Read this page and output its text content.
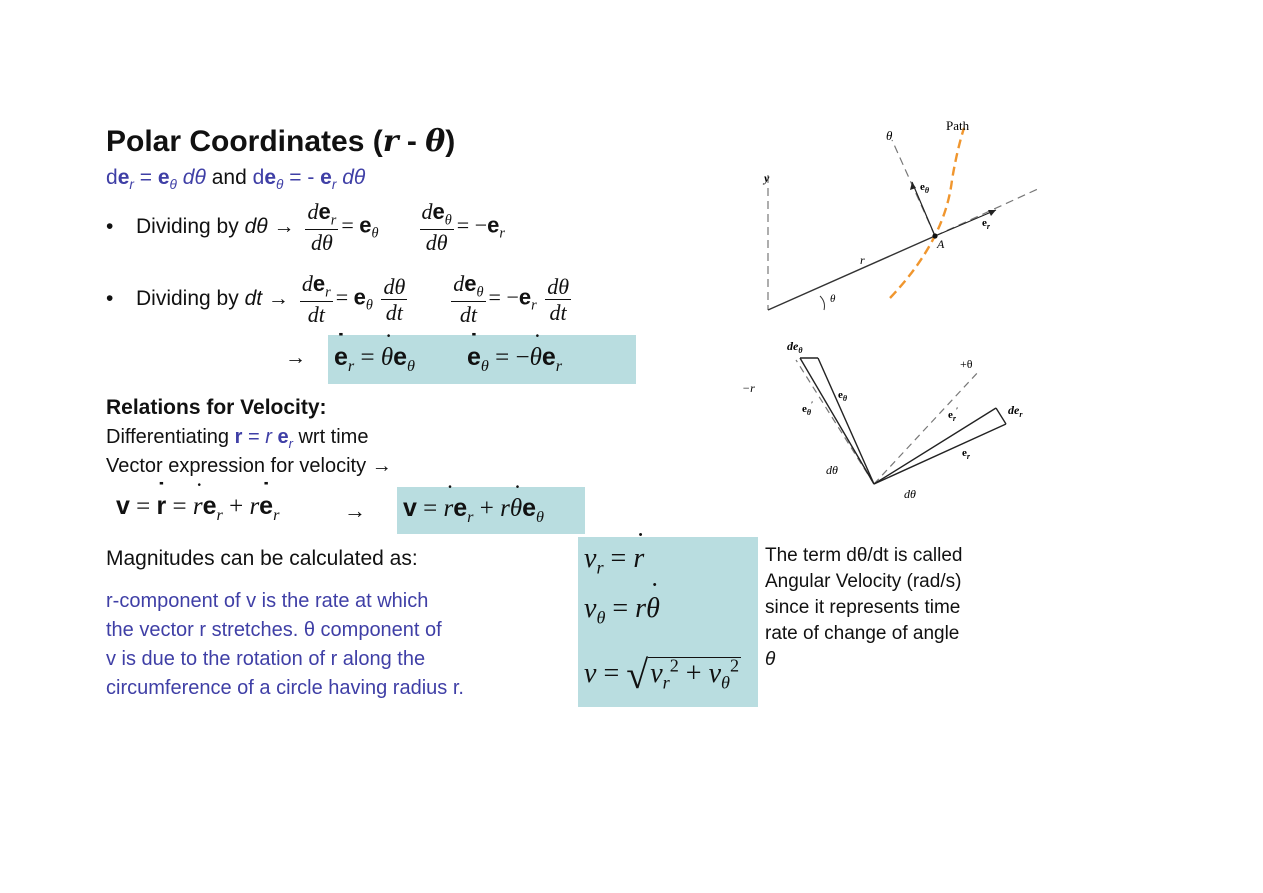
Polar Coordinates (r - θ)
$de_r = e_\theta$ dθ and $de_\theta$ = - $e_r$ dθ
•	Dividing by
dθ
→ $\frac{de_r}{d\theta} = e_\theta \frac{de_\theta}{d\theta} = -e_r$
•	Dividing by
dt
→ $\frac{de_r}{dt} = e_\theta \frac{d\theta}{dt} \frac{de_\theta}{dt} = -e_r \frac{d\theta}{dt}$
→ e $˙_r = \theta$ $˙e_\theta$ e $˙_\theta = -\theta$ $˙e_r$
Relations for Velocity:
Differentiating r = r $e_r$ wrt time
Vector expression for velocity →
v = r ˙ = r $˙e_r$ + re $˙_r$	→ v = r $˙e_r + r\theta$ $˙e_\theta$
Magnitudes can be calculated as:
r-component of v is the rate at which
the vector r stretches. θ component of
v is due to the rotation of r along the
circumference of a circle having radius r.
$v_r = r$ ˙
$v_\theta = r\theta$ ˙
$v = √v_r^2 + v_\theta^2$
The term dθ/dt is called
Angular Velocity (rad/s)
since it represents time
rate of change of angle
θ
Path
θ
y
r
A
θ
$e_\theta$
$e_r$
$de_\theta$
$de_r$
+θ
−r
dθ
dθ
$e_\theta'$
$e_\theta$
$e_r'$
$e_r$
